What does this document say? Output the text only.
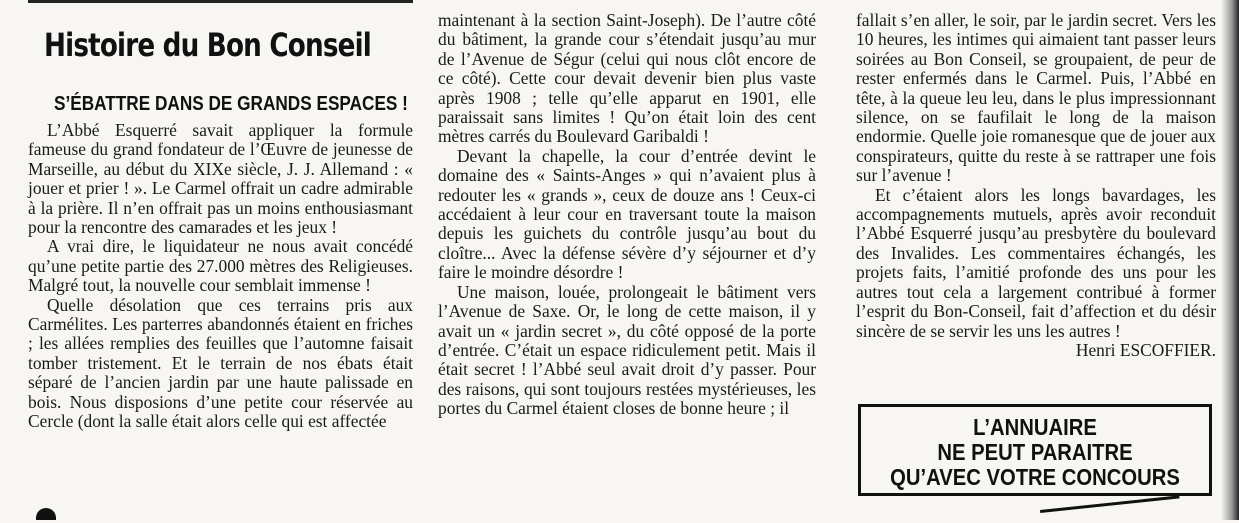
Histoire du Bon Conseil
S’ÉBATTRE DANS DE GRANDS ESPACES !

L’Abbé Esquerré savait appliquer la formule fameuse du grand fondateur de l’Œuvre de jeunesse de Marseille, au début du XIXe siècle, J. J. Allemand : « jouer et prier ! ». Le Carmel offrait un cadre admirable à la prière. Il n’en offrait pas un moins enthousiasmant pour la rencontre des camarades et les jeux !

A vrai dire, le liquidateur ne nous avait concédé qu’une petite partie des 27.000 mètres des Religieuses. Malgré tout, la nouvelle cour semblait immense !

Quelle désolation que ces terrains pris aux Carmélites. Les parterres abandonnés étaient en friches ; les allées remplies des feuilles que l’automne faisait tomber tristement. Et le terrain de nos ébats était séparé de l’ancien jardin par une haute palissade en bois. Nous disposions d’une petite cour réservée au Cercle (dont la salle était alors celle qui est affectée

maintenant à la section Saint-Joseph). De l’autre côté du bâtiment, la grande cour s’étendait jusqu’au mur de l’Avenue de Ségur (celui qui nous clôt encore de ce côté). Cette cour devait devenir bien plus vaste après 1908 ; telle qu’elle apparut en 1901, elle paraissait sans limites ! Qu’on était loin des cent mètres carrés du Boulevard Garibaldi !

Devant la chapelle, la cour d’entrée devint le domaine des « Saints-Anges » qui n’avaient plus à redouter les « grands », ceux de douze ans ! Ceux-ci accédaient à leur cour en traversant toute la maison depuis les guichets du contrôle jusqu’au bout du cloître... Avec la défense sévère d’y séjourner et d’y faire le moindre désordre !

Une maison, louée, prolongeait le bâtiment vers l’Avenue de Saxe. Or, le long de cette maison, il y avait un « jardin secret », du côté opposé de la porte d’entrée. C’était un espace ridiculement petit. Mais il était secret ! l’Abbé seul avait droit d’y passer. Pour des raisons, qui sont toujours restées mystérieuses, les portes du Carmel étaient closes de bonne heure ; il

fallait s’en aller, le soir, par le jardin secret. Vers les 10 heures, les intimes qui aimaient tant passer leurs soirées au Bon Conseil, se groupaient, de peur de rester enfermés dans le Carmel. Puis, l’Abbé en tête, à la queue leu leu, dans le plus impressionnant silence, on se faufilait le long de la maison endormie. Quelle joie romanesque que de jouer aux conspirateurs, quitte du reste à se rattraper une fois sur l’avenue !

Et c’étaient alors les longs bavardages, les accompagnements mutuels, après avoir reconduit l’Abbé Esquerré jusqu’au presbytère du boulevard des Invalides. Les commentaires échangés, les projets faits, l’amitié profonde des uns pour les autres tout cela a largement contribué à former l’esprit du Bon-Conseil, fait d’affection et du désir sincère de se servir les uns les autres !

Henri ESCOFFIER.

L’ANNUAIRE
NE PEUT PARAITRE
QU’AVEC VOTRE CONCOURS
